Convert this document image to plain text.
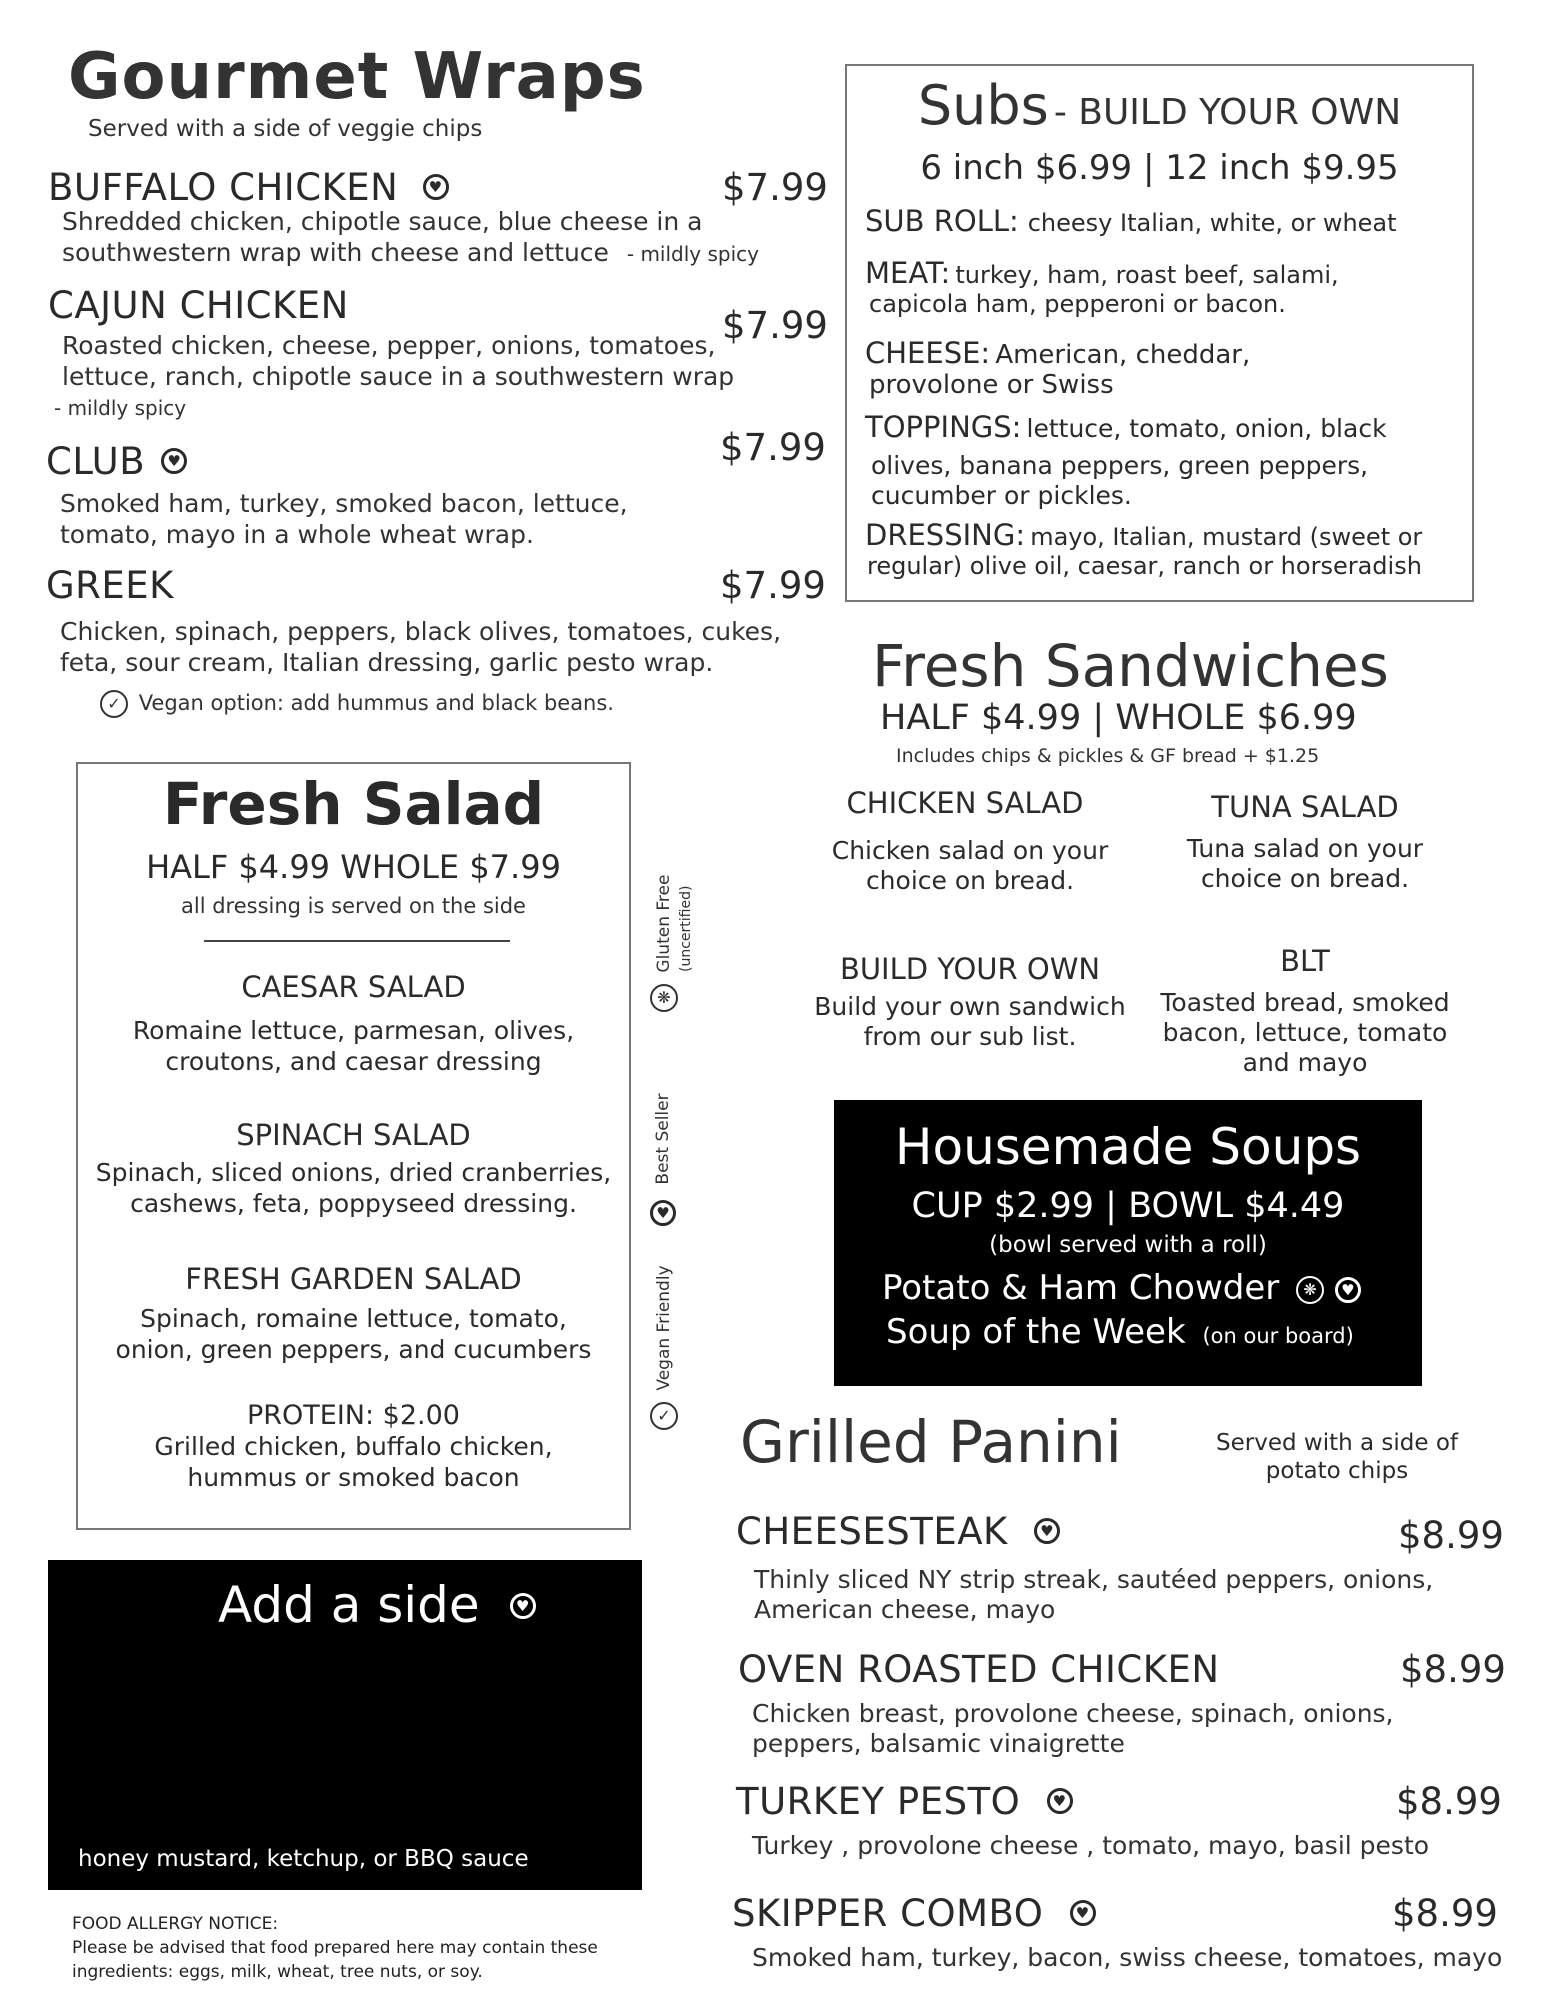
Gourmet Wraps
Served with a side of veggie chips
BUFFALO CHICKEN ♥	$7.99
Shredded chicken, chipotle sauce, blue cheese in a
southwestern wrap with cheese and lettuce - mildly spicy
CAJUN CHICKEN	$7.99
Roasted chicken, cheese, pepper, onions, tomatoes,
lettuce, ranch, chipotle sauce in a southwestern wrap
- mildly spicy
CLUB ♥	$7.99
Smoked ham, turkey, smoked bacon, lettuce,
tomato, mayo in a whole wheat wrap.
GREEK	$7.99
Chicken, spinach, peppers, black olives, tomatoes, cukes,
feta, sour cream, Italian dressing, garlic pesto wrap.
✓ Vegan option: add hummus and black beans.
Subs - BUILD YOUR OWN
6 inch $6.99 | 12 inch $9.95
SUB ROLL: cheesy Italian, white, or wheat
MEAT: turkey, ham, roast beef, salami,
capicola ham, pepperoni or bacon.
CHEESE: American, cheddar,
provolone or Swiss
TOPPINGS: lettuce, tomato, onion, black
olives, banana peppers, green peppers,
cucumber or pickles.
DRESSING: mayo, Italian, mustard (sweet or
regular) olive oil, caesar, ranch or horseradish
Fresh Sandwiches
HALF $4.99 | WHOLE $6.99
Includes chips & pickles & GF bread + $1.25
CHICKEN SALAD
Chicken salad on your
choice on bread.
TUNA SALAD
Tuna salad on your
choice on bread.
BUILD YOUR OWN
Build your own sandwich
from our sub list.
BLT
Toasted bread, smoked
bacon, lettuce, tomato
and mayo
Fresh Salad
HALF $4.99 WHOLE $7.99
all dressing is served on the side
CAESAR SALAD
Romaine lettuce, parmesan, olives,
croutons, and caesar dressing
SPINACH SALAD
Spinach, sliced onions, dried cranberries,
cashews, feta, poppyseed dressing.
FRESH GARDEN SALAD
Spinach, romaine lettuce, tomato,
onion, green peppers, and cucumbers
PROTEIN: $2.00
Grilled chicken, buffalo chicken,
hummus or smoked bacon
❋ Gluten Free (uncertified)
♥ Best Seller
✓ Vegan Friendly
Housemade Soups
CUP $2.99 | BOWL $4.49
(bowl served with a roll)
Potato & Ham Chowder ❋ ♥
Soup of the Week (on our board)
Grilled Panini	Served with a side of
potato chips
CHEESESTEAK ♥	$8.99
Thinly sliced NY strip streak, sautéed peppers, onions,
American cheese, mayo
OVEN ROASTED CHICKEN	$8.99
Chicken breast, provolone cheese, spinach, onions,
peppers, balsamic vinaigrette
TURKEY PESTO ♥	$8.99
Turkey , provolone cheese , tomato, mayo, basil pesto
SKIPPER COMBO ♥	$8.99
Smoked ham, turkey, bacon, swiss cheese, tomatoes, mayo
Add a side ♥
honey mustard, ketchup, or BBQ sauce
FOOD ALLERGY NOTICE:
Please be advised that food prepared here may contain these
ingredients: eggs, milk, wheat, tree nuts, or soy.
